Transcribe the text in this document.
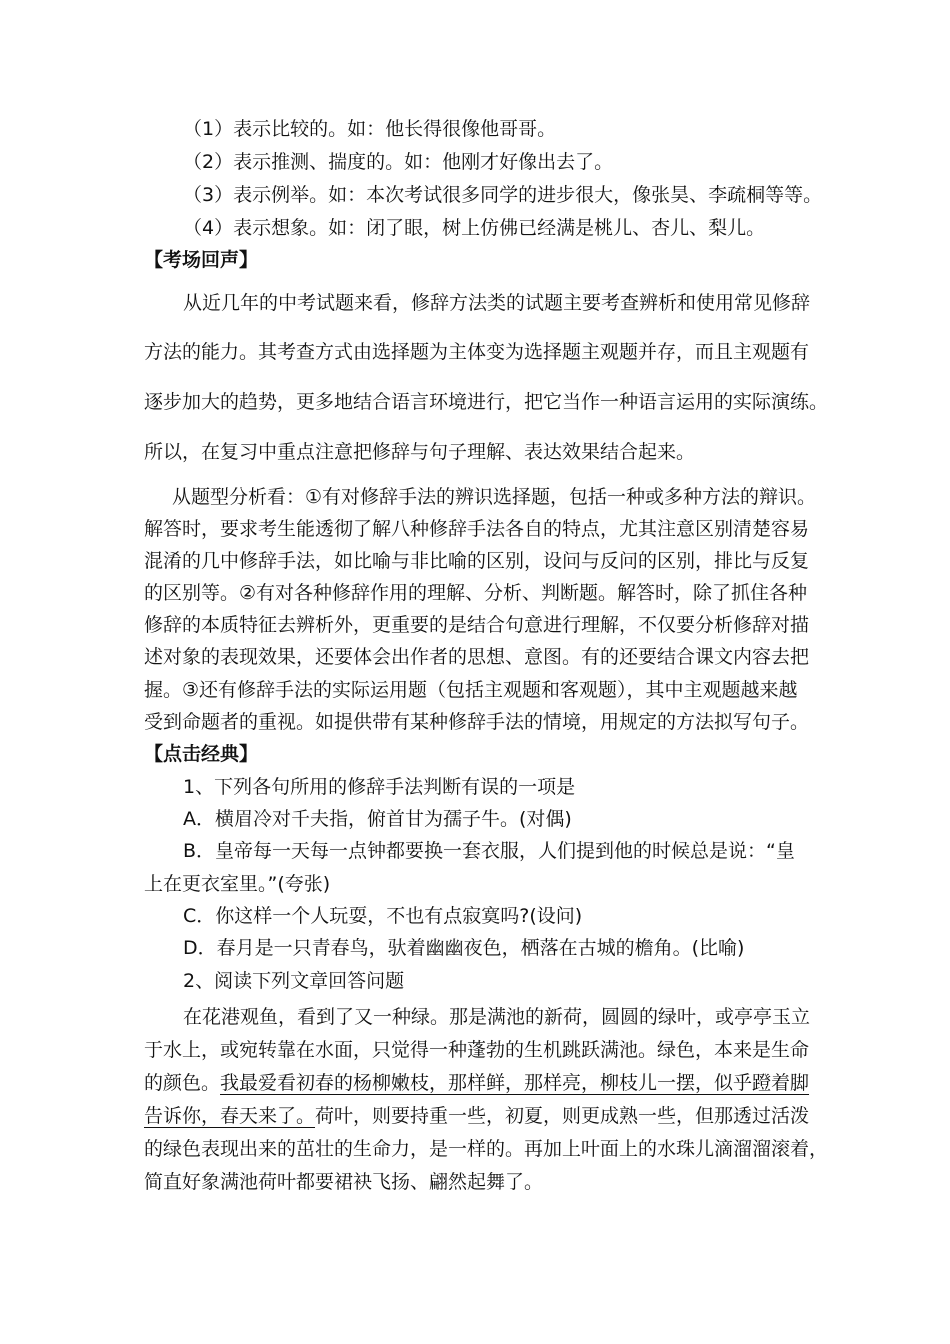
（1）表示比较的。如：他长得很像他哥哥。
（2）表示推测、揣度的。如：他刚才好像出去了。
（3）表示例举。如：本次考试很多同学的进步很大，像张昊、李疏桐等等。
（4）表示想象。如：闭了眼，树上仿佛已经满是桃儿、杏儿、梨儿。
【考场回声】
从近几年的中考试题来看，修辞方法类的试题主要考查辨析和使用常见修辞
方法的能力。其考查方式由选择题为主体变为选择题主观题并存，而且主观题有
逐步加大的趋势，更多地结合语言环境进行，把它当作一种语言运用的实际演练。
所以，在复习中重点注意把修辞与句子理解、表达效果结合起来。
从题型分析看：①有对修辞手法的辨识选择题，包括一种或多种方法的辩识。
解答时，要求考生能透彻了解八种修辞手法各自的特点，尤其注意区别清楚容易
混淆的几中修辞手法，如比喻与非比喻的区别，设问与反问的区别，排比与反复
的区别等。②有对各种修辞作用的理解、分析、判断题。解答时，除了抓住各种
修辞的本质特征去辨析外，更重要的是结合句意进行理解，不仅要分析修辞对描
述对象的表现效果，还要体会出作者的思想、意图。有的还要结合课文内容去把
握。③还有修辞手法的实际运用题（包括主观题和客观题），其中主观题越来越
受到命题者的重视。如提供带有某种修辞手法的情境，用规定的方法拟写句子。
【点击经典】
1、下列各句所用的修辞手法判断有误的一项是
A．横眉冷对千夫指，俯首甘为孺子牛。(对偶)
B．皇帝每一天每一点钟都要换一套衣服，人们提到他的时候总是说：“皇
上在更衣室里。”(夸张)
C．你这样一个人玩耍，不也有点寂寞吗?(设问)
D．春月是一只青春鸟，驮着幽幽夜色，栖落在古城的檐角。(比喻)
2、阅读下列文章回答问题
在花港观鱼，看到了又一种绿。那是满池的新荷，圆圆的绿叶，或亭亭玉立
于水上，或宛转靠在水面，只觉得一种蓬勃的生机跳跃满池。绿色，本来是生命
的颜色。我最爱看初春的杨柳嫩枝，那样鲜，那样亮，柳枝儿一摆，似乎蹬着脚
告诉你，春天来了。荷叶，则要持重一些，初夏，则更成熟一些，但那透过活泼
的绿色表现出来的茁壮的生命力，是一样的。再加上叶面上的水珠儿滴溜溜滚着，
简直好象满池荷叶都要裙袂飞扬、翩然起舞了。
